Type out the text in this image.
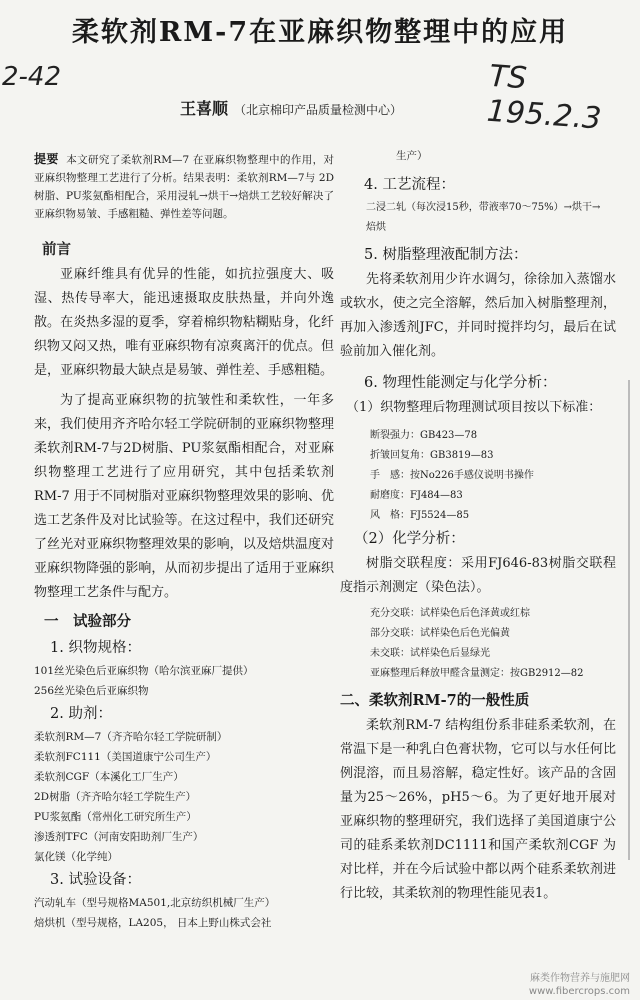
柔软剂RM-7在亚麻织物整理中的应用
2-42	TS 195.2.3
王喜顺 （北京棉印产品质量检测中心）
提要 本文研究了柔软剂RM—7 在亚麻织物整理中的作用，对亚麻织物整理工艺进行了分析。结果表明：柔软剂RM—7与 2D树脂、PU浆氨酯相配合，采用浸轧→烘干→焙烘工艺较好解决了亚麻织物易皱、手感粗糙、弹性差等问题。
前言
亚麻纤维具有优异的性能，如抗拉强度大、吸湿、热传导率大，能迅速摄取皮肤热量，并向外逸散。在炎热多湿的夏季，穿着棉织物粘糊贴身，化纤织物又闷又热，唯有亚麻织物有凉爽离汗的优点。但是，亚麻织物最大缺点是易皱、弹性差、手感粗糙。
为了提高亚麻织物的抗皱性和柔软性，一年多来，我们使用齐齐哈尔轻工学院研制的亚麻织物整理柔软剂RM-7与2D树脂、PU浆氨酯相配合，对亚麻织物整理工艺进行了应用研究，其中包括柔软剂RM-7 用于不同树脂对亚麻织物整理效果的影响、优选工艺条件及对比试验等。在这过程中，我们还研究了丝光对亚麻织物整理效果的影响，以及焙烘温度对亚麻织物降强的影响，从而初步提出了适用于亚麻织物整理工艺条件与配方。
一　试验部分
1. 织物规格：
101丝光染色后亚麻织物（哈尔滨亚麻厂提供）
256丝光染色后亚麻织物
2. 助剂：
柔软剂RM—7（齐齐哈尔轻工学院研制）
柔软剂FC111（美国道康宁公司生产）
柔软剂CGF（本溪化工厂生产）
2D树脂（齐齐哈尔轻工学院生产）
PU浆氨酯（常州化工研究所生产）
渗透剂TFC（河南安阳助剂厂生产）
氯化镁（化学纯）
3. 试验设备：
汽动轧车（型号规格MA501,北京纺织机械厂生产）
焙烘机（型号规格，LA205， 日本上野山株式会社
生产）
4. 工艺流程：
二浸二轧（每次浸15秒，带液率70～75%）→烘干→
焙烘
5. 树脂整理液配制方法：
先将柔软剂用少许水调匀，徐徐加入蒸馏水或软水，使之完全溶解，然后加入树脂整理剂，再加入渗透剂JFC，并同时搅拌均匀，最后在试验前加入催化剂。
6. 物理性能测定与化学分析：
（1）织物整理后物理测试项目按以下标准：
断裂强力：GB423—78
折皱回复角：GB3819—83
手　感：按No226手感仪说明书操作
耐磨度：FJ484—83
风　格：FJ5524—85
（2）化学分析：
树脂交联程度：采用FJ646-83树脂交联程度指示剂测定（染色法）。
充分交联：试样染色后色泽黄或红棕
部分交联：试样染色后色光偏黄
未交联：试样染色后显绿光
亚麻整理后释放甲醛含量测定：按GB2912—82
二、柔软剂RM-7的一般性质
柔软剂RM-7 结构组份系非硅系柔软剂，在常温下是一种乳白色膏状物，它可以与水任何比例混溶，而且易溶解，稳定性好。该产品的含固量为25～26%，pH5～6。为了更好地开展对亚麻织物的整理研究，我们选择了美国道康宁公司的硅系柔软剂DC1111和国产柔软剂CGF 为对比样，并在今后试验中都以两个硅系柔软剂进行比较，其柔软剂的物理性能见表1。
麻类作物营养与施肥网
www.fibercrops.com
